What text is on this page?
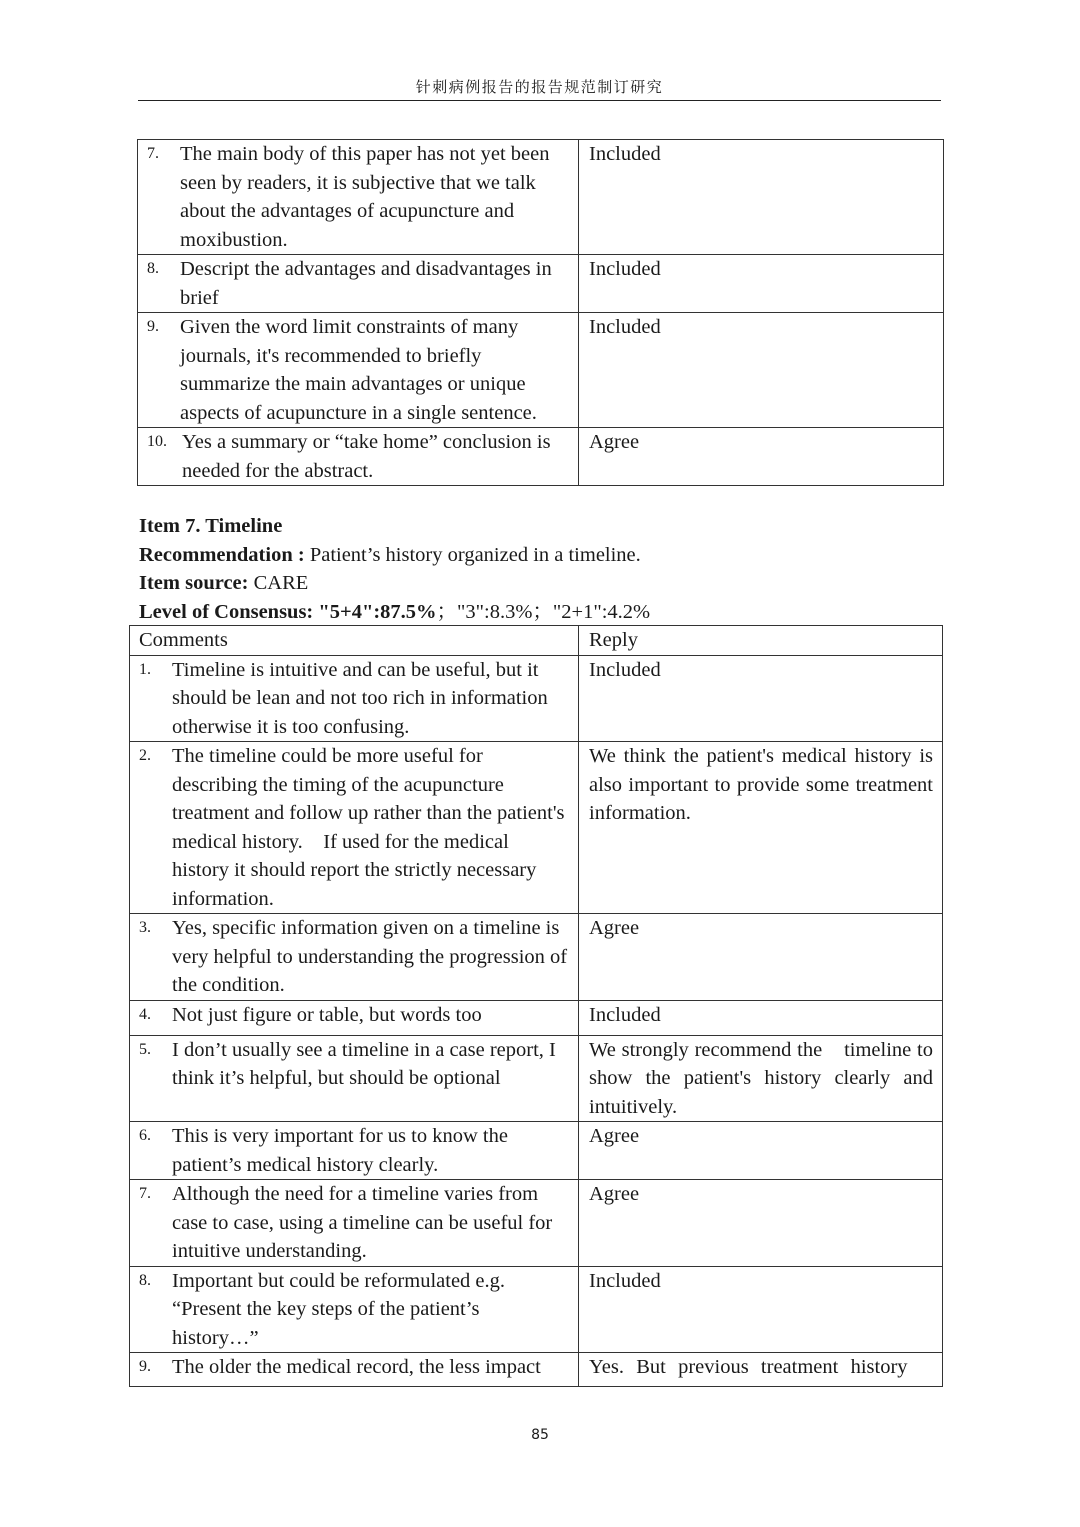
针刺病例报告的报告规范制订研究
7. The main body of this paper has not yet been seen by readers, it is subjective that we talk about the advantages of acupuncture and moxibustion.	Included

8. Descript the advantages and disadvantages in brief	Included

9. Given the word limit constraints of many journals, it's recommended to briefly summarize the main advantages or unique aspects of acupuncture in a single sentence.	Included

10. Yes a summary or “take home” conclusion is needed for the abstract.	Agree
Item 7. Timeline
Recommendation : Patient’s history organized in a timeline.
Item source: CARE
Level of Consensus: "5+4":87.5%；"3":8.3%；"2+1":4.2%
Comments	Reply

1. Timeline is intuitive and can be useful, but it should be lean and not too rich in information otherwise it is too confusing.	Included

2. The timeline could be more useful for describing the timing of the acupuncture treatment and follow up rather than the patient's medical history.　If used for the medical history it should report the strictly necessary information.	We think the patient's medical history is also important to provide some treatment information.

3. Yes, specific information given on a timeline is very helpful to understanding the progression of the condition.	Agree

4. Not just figure or table, but words too	Included

5. I don’t usually see a timeline in a case report, I think it’s helpful, but should be optional	We strongly recommend the　timeline to show the patient's history clearly and intuitively.

6. This is very important for us to know the patient’s medical history clearly.	Agree

7. Although the need for a timeline varies from case to case, using a timeline can be useful for intuitive understanding.	Agree

8. Important but could be reformulated e.g. “Present the key steps of the patient’s history…”	Included

9. The older the medical record, the less impact	Yes.  But  previous  treatment  history
85
